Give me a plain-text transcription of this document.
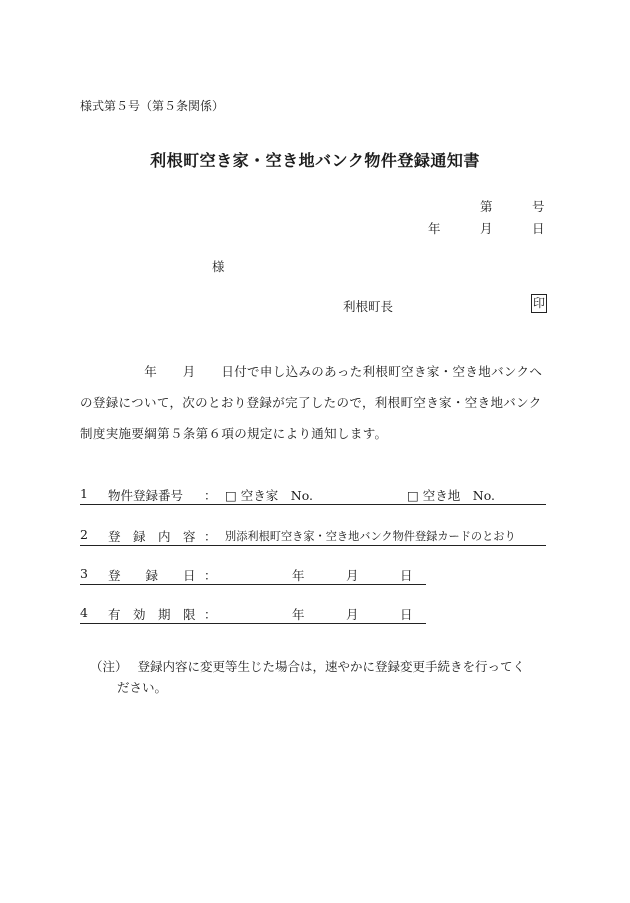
様式第５号（第５条関係）
利根町空き家・空き地バンク物件登録通知書
第	号
年	月	日
様
利根町長	印
　　　　　年　　月　　日付で申し込みのあった利根町空き家・空き地バンクへの登録について，次のとおり登録が完了したので，利根町空き家・空き地バンク制度実施要綱第５条第６項の規定により通知します。
1 物件登録番号 ： □ 空き家　No.	□ 空き地　No.
2 登　録　内　容 ： 別添利根町空き家・空き地バンク物件登録カードのとおり
3 登　　録　　日 ：	年	月	日
4 有　効　期　限 ：	年	月	日
（注） 登録内容に変更等生じた場合は，速やかに登録変更手続きを行ってく
ださい。
